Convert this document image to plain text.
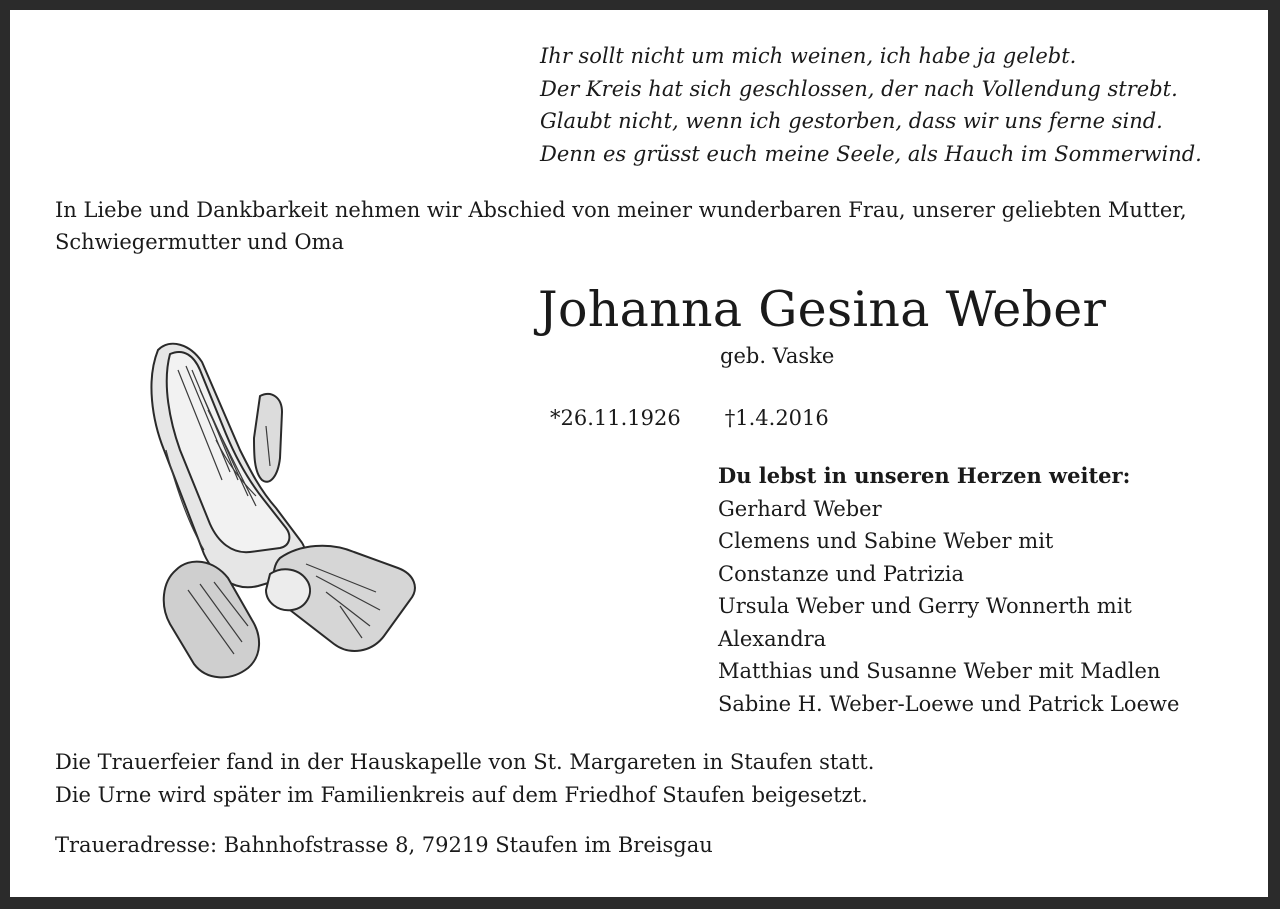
Ihr sollt nicht um mich weinen, ich habe ja gelebt.
Der Kreis hat sich geschlossen, der nach Vollendung strebt.
Glaubt nicht, wenn ich gestorben, dass wir uns ferne sind.
Denn es grüsst euch meine Seele, als Hauch im Sommerwind.
In Liebe und Dankbarkeit nehmen wir Abschied von meiner wunderbaren Frau, unserer geliebten Mutter, Schwiegermutter und Oma
Johanna Gesina Weber
geb. Vaske
*26.11.1926 †1.4.2016
Du lebst in unseren Herzen weiter:
Gerhard Weber
Clemens und Sabine Weber mit
Constanze und Patrizia
Ursula Weber und Gerry Wonnerth mit
Alexandra
Matthias und Susanne Weber mit Madlen
Sabine H. Weber-Loewe und Patrick Loewe
Die Trauerfeier fand in der Hauskapelle von St. Margareten in Staufen statt.
Die Urne wird später im Familienkreis auf dem Friedhof Staufen beigesetzt.
Traueradresse: Bahnhofstrasse 8, 79219 Staufen im Breisgau
